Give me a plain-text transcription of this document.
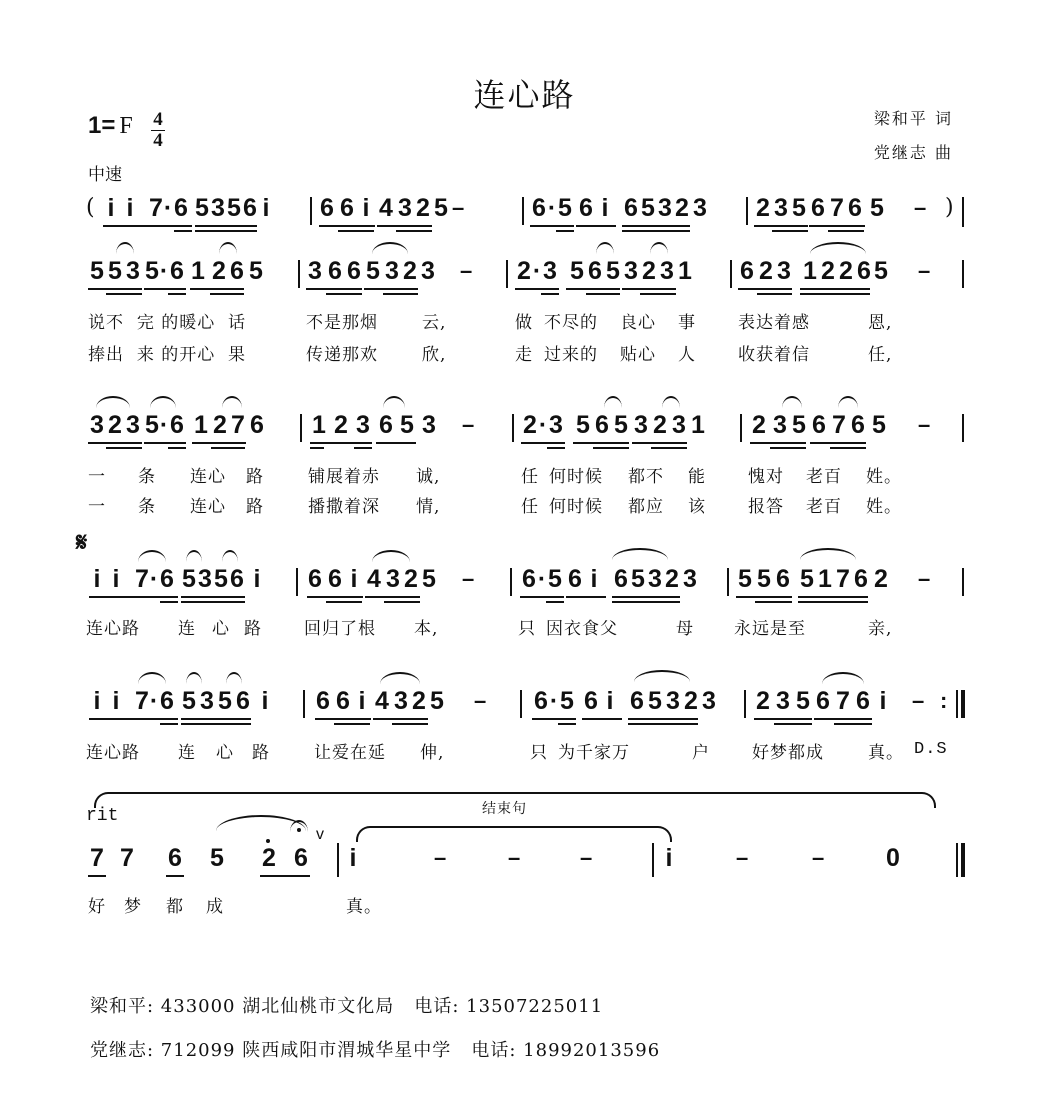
连心路
1= F 4
4
中速
梁和平 词
党继志 曲
( i i 7 · 6 5 3 5 6 i 6 6 i 4 3 2 5 –	6 · 5 6 i 6 5 3 2 3 2 3 5 6 7 6 5 – )
5 5 3 5 · 6 1 2 6 5 3 6 6 5 3 2 3 – 2 · 3 5 6 5 3 2 3 1 6 2 3 1 2 2 6 5 –
说不 完 的暖心 话	不是那烟	云,	做 不尽的 良心 事 表达着感	恩,
捧出 来 的开心 果	传递那欢	欣,	走 过来的 贴心 人 收获着信	任,
3 2 3 5 · 6 1 2 7 6 1 2 3 6 5 3 – 2 · 3 5 6 5 3 2 3 1 2 3 5 6 7 6 5 –
一 条 连心 路	铺展着赤 诚,	任 何时候 都不 能 愧对 老百 姓。
一 条 连心 路	播撒着深 情,	任 何时候 都应 该 报答 老百 姓。
𝄋
i i 7 · 6 5 3 5 6 i 6 6 i 4 3 2 5 – 6 · 5 6 i 6 5 3 2 3 5 5 6 5 1 7 6 2 –
连心路 连 心 路 回归了根 本,	只 因衣食父	母 永远是至	亲,
i i 7 · 6 5 3 5 6 i 6 6 i 4 3 2 5 – 6 · 5 6 i 6 5 3 2 3 2 3 5 6 7 6 i – :
连心路 连 心 路	让爱在延 伸,	只 为千家万	户 好梦都成	真。 D.S
rit	结束句
v
7 7 6 5 2 6 i	–	–	–	i	–	– 0
好 梦 都 成	真。
梁和平: 433000 湖北仙桃市文化局   电话: 13507225011
党继志: 712099 陕西咸阳市渭城华星中学   电话: 18992013596
